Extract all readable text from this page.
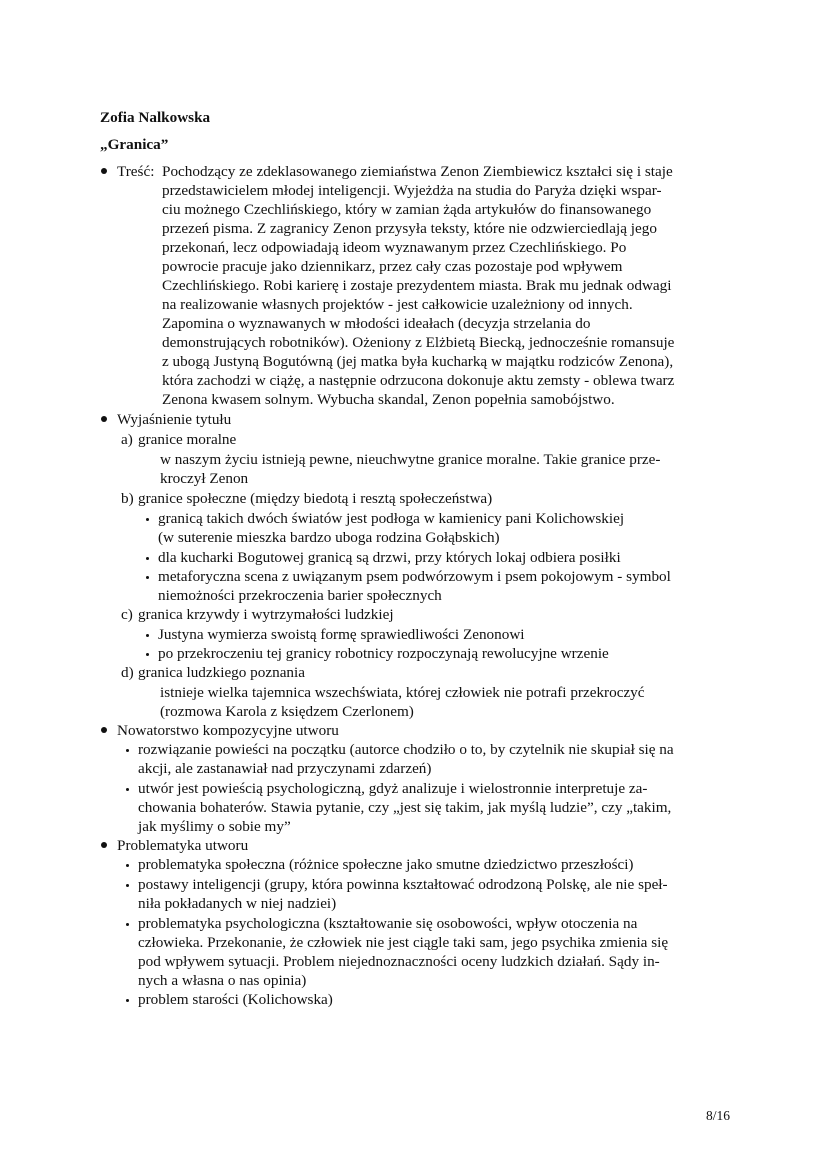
Zofia Nalkowska
„Granica”
Treść: Pochodzący ze zdeklasowanego ziemiaństwa Zenon Ziembiewicz kształci się i staje
przedstawicielem młodej inteligencji. Wyjeżdża na studia do Paryża dzięki wspar-
ciu możnego Czechlińskiego, który w zamian żąda artykułów do finansowanego
przezeń pisma. Z zagranicy Zenon przysyła teksty, które nie odzwierciedlają jego
przekonań, lecz odpowiadają ideom wyznawanym przez Czechlińskiego. Po
powrocie pracuje jako dziennikarz, przez cały czas pozostaje pod wpływem
Czechlińskiego. Robi karierę i zostaje prezydentem miasta. Brak mu jednak odwagi
na realizowanie własnych projektów - jest całkowicie uzależniony od innych.
Zapomina o wyznawanych w młodości ideałach (decyzja strzelania do
demonstrujących robotników). Ożeniony z Elżbietą Biecką, jednocześnie romansuje
z ubogą Justyną Bogutówną (jej matka była kucharką w majątku rodziców Zenona),
która zachodzi w ciążę, a następnie odrzucona dokonuje aktu zemsty - oblewa twarz
Zenona kwasem solnym. Wybucha skandal, Zenon popełnia samobójstwo.
Wyjaśnienie tytułu
a) granice moralne
w naszym życiu istnieją pewne, nieuchwytne granice moralne. Takie granice prze-
kroczył Zenon
b) granice społeczne (między biedotą i resztą społeczeństwa)
granicą takich dwóch światów jest podłoga w kamienicy pani Kolichowskiej
(w suterenie mieszka bardzo uboga rodzina Gołąbskich)
dla kucharki Bogutowej granicą są drzwi, przy których lokaj odbiera posiłki
metaforyczna scena z uwiązanym psem podwórzowym i psem pokojowym - symbol
niemożności przekroczenia barier społecznych
c) granica krzywdy i wytrzymałości ludzkiej
Justyna wymierza swoistą formę sprawiedliwości Zenonowi
po przekroczeniu tej granicy robotnicy rozpoczynają rewolucyjne wrzenie
d) granica ludzkiego poznania
istnieje wielka tajemnica wszechświata, której człowiek nie potrafi przekroczyć
(rozmowa Karola z księdzem Czerlonem)
Nowatorstwo kompozycyjne utworu
rozwiązanie powieści na początku (autorce chodziło o to, by czytelnik nie skupiał się na
akcji, ale zastanawiał nad przyczynami zdarzeń)
utwór jest powieścią psychologiczną, gdyż analizuje i wielostronnie interpretuje za-
chowania bohaterów. Stawia pytanie, czy „jest się takim, jak myślą ludzie”, czy „takim,
jak myślimy o sobie my”
Problematyka utworu
problematyka społeczna (różnice społeczne jako smutne dziedzictwo przeszłości)
postawy inteligencji (grupy, która powinna kształtować odrodzoną Polskę, ale nie speł-
niła pokładanych w niej nadziei)
problematyka psychologiczna (kształtowanie się osobowości, wpływ otoczenia na
człowieka. Przekonanie, że człowiek nie jest ciągle taki sam, jego psychika zmienia się
pod wpływem sytuacji. Problem niejednoznaczności oceny ludzkich działań. Sądy in-
nych a własna o nas opinia)
problem starości (Kolichowska)
8/16
